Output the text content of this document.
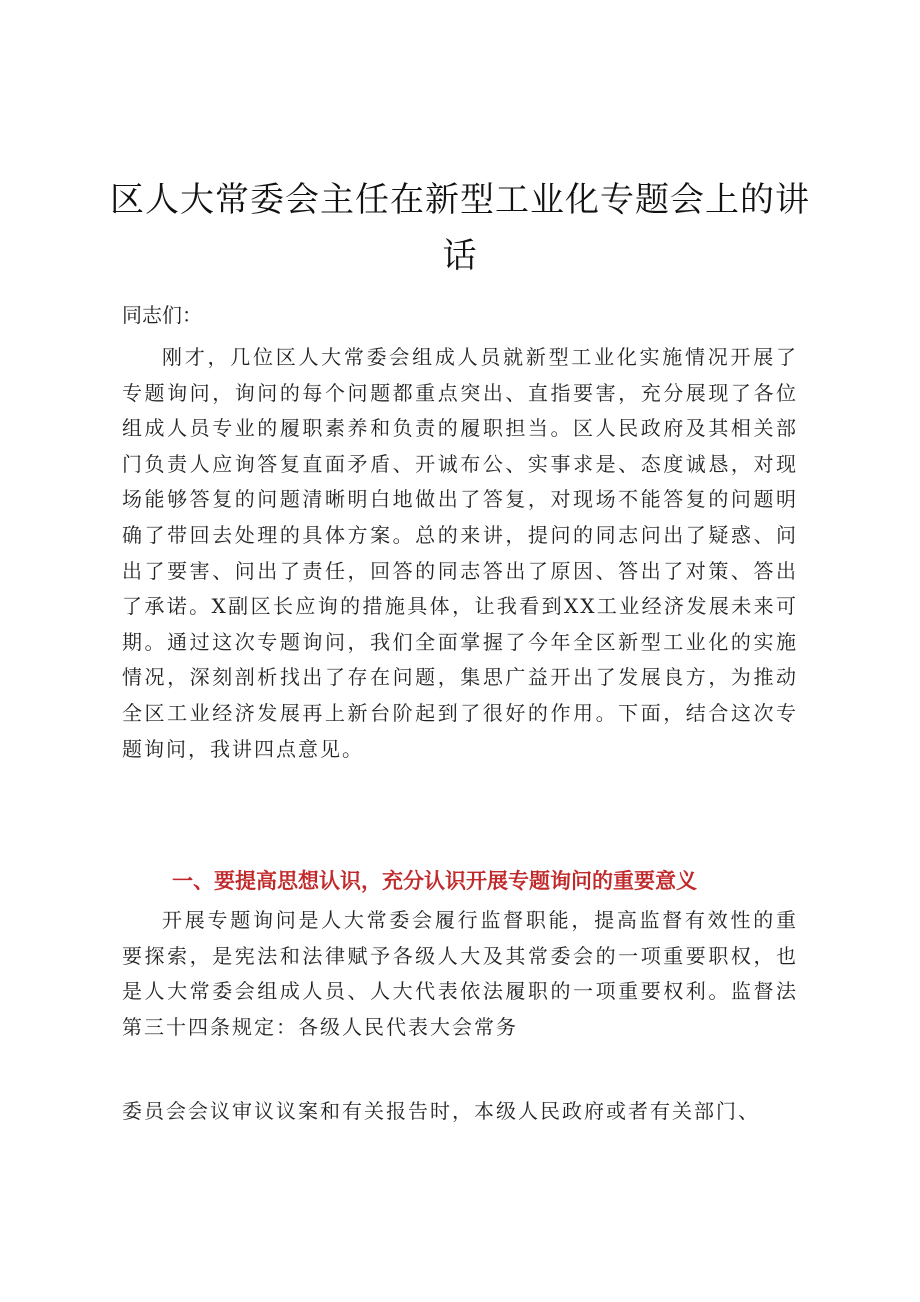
区人大常委会主任在新型工业化专题会上的讲话

同志们：

刚才，几位区人大常委会组成人员就新型工业化实施情况开展了专题询问，询问的每个问题都重点突出、直指要害，充分展现了各位组成人员专业的履职素养和负责的履职担当。区人民政府及其相关部门负责人应询答复直面矛盾、开诚布公、实事求是、态度诚恳，对现场能够答复的问题清晰明白地做出了答复，对现场不能答复的问题明确了带回去处理的具体方案。总的来讲，提问的同志问出了疑惑、问出了要害、问出了责任，回答的同志答出了原因、答出了对策、答出了承诺。X副区长应询的措施具体，让我看到XX工业经济发展未来可期。通过这次专题询问，我们全面掌握了今年全区新型工业化的实施情况，深刻剖析找出了存在问题，集思广益开出了发展良方，为推动全区工业经济发展再上新台阶起到了很好的作用。下面，结合这次专题询问，我讲四点意见。

一、要提高思想认识，充分认识开展专题询问的重要意义

开展专题询问是人大常委会履行监督职能，提高监督有效性的重要探索，是宪法和法律赋予各级人大及其常委会的一项重要职权，也是人大常委会组成人员、人大代表依法履职的一项重要权利。监督法第三十四条规定：各级人民代表大会常务

委员会会议审议议案和有关报告时，本级人民政府或者有关部门、
